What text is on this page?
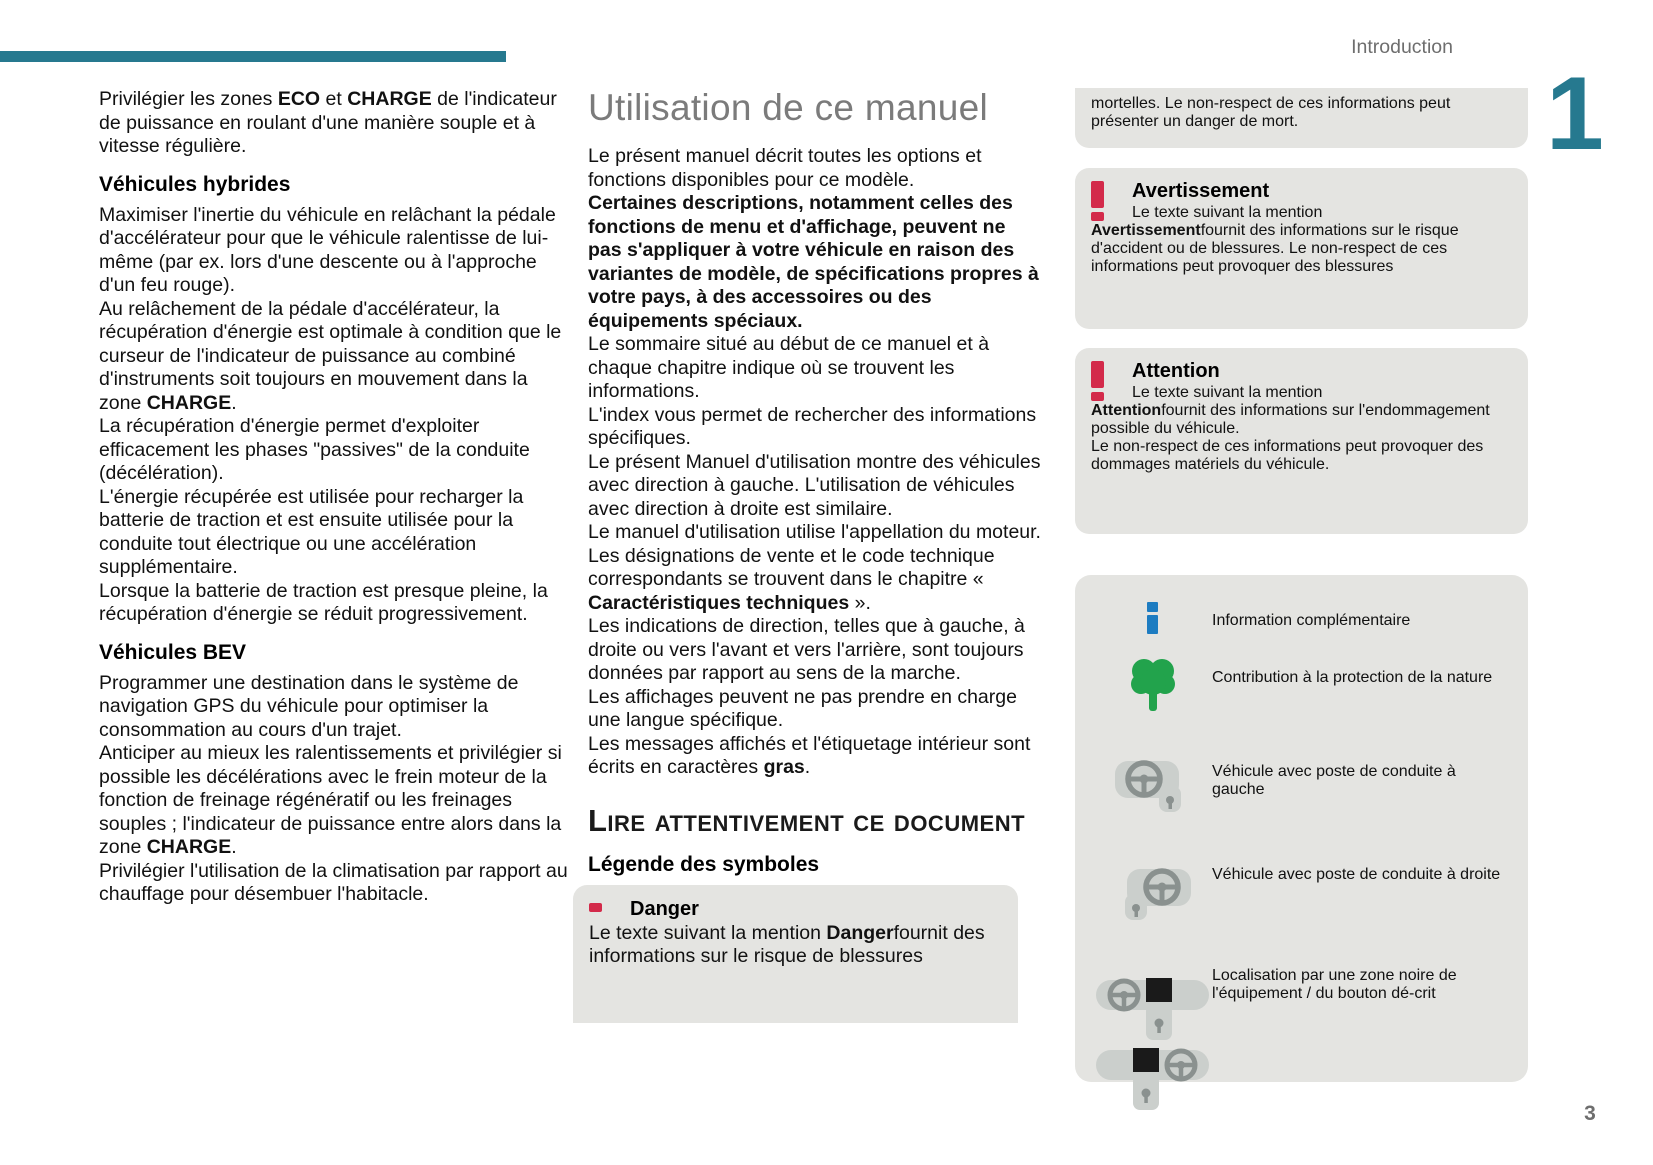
Introduction
1
3

Privilégier les zones ECO et CHARGE de l'indicateur de puissance en roulant d'une manière souple et à vitesse régulière.

Véhicules hybrides

Maximiser l'inertie du véhicule en relâchant la pédale d'accélérateur pour que le véhicule ralentisse de lui-même (par ex. lors d'une descente ou à l'approche d'un feu rouge).
Au relâchement de la pédale d'accélérateur, la récupération d'énergie est optimale à condition que le curseur de l'indicateur de puissance au combiné d'instruments soit toujours en mouvement dans la zone CHARGE.
La récupération d'énergie permet d'exploiter efficacement les phases "passives" de la conduite (décélération).
L'énergie récupérée est utilisée pour recharger la batterie de traction et est ensuite utilisée pour la conduite tout électrique ou une accélération supplémentaire.
Lorsque la batterie de traction est presque pleine, la récupération d'énergie se réduit progressivement.

Véhicules BEV

Programmer une destination dans le système de navigation GPS du véhicule pour optimiser la consommation au cours d'un trajet.
Anticiper au mieux les ralentissements et privilégier si possible les décélérations avec le frein moteur de la fonction de freinage régénératif ou les freinages souples ; l'indicateur de puissance entre alors dans la zone CHARGE.
Privilégier l'utilisation de la climatisation par rapport au chauffage pour désembuer l'habitacle.

Utilisation de ce manuel

Le présent manuel décrit toutes les options et fonctions disponibles pour ce modèle.
Certaines descriptions, notamment celles des fonctions de menu et d'affichage, peuvent ne pas s'appliquer à votre véhicule en raison des variantes de modèle, de spécifications propres à votre pays, à des accessoires ou des équipements spéciaux.
Le sommaire situé au début de ce manuel et à chaque chapitre indique où se trouvent les informations.
L'index vous permet de rechercher des informations spécifiques.
Le présent Manuel d'utilisation montre des véhicules avec direction à gauche. L'utilisation de véhicules avec direction à droite est similaire.
Le manuel d'utilisation utilise l'appellation du moteur. Les désignations de vente et le code technique correspondants se trouvent dans le chapitre « Caractéristiques techniques ».
Les indications de direction, telles que à gauche, à droite ou vers l'avant et vers l'arrière, sont toujours données par rapport au sens de la marche.
Les affichages peuvent ne pas prendre en charge une langue spécifique.
Les messages affichés et l'étiquetage intérieur sont écrits en caractères gras.

Lire attentivement ce document
Légende des symboles
Danger
Le texte suivant la mention Dangerfournit des informations sur le risque de blessures
mortelles. Le non-respect de ces informations peut présenter un danger de mort.
Avertissement
Le texte suivant la mention
Avertissementfournit des informations sur le risque d'accident ou de blessures. Le non-respect de ces informations peut provoquer des blessures
Attention
Le texte suivant la mention
Attentionfournit des informations sur l'endommagement possible du véhicule.
Le non-respect de ces informations peut provoquer des dommages matériels du véhicule.
Information complémentaire
Contribution à la protection de la nature
Véhicule avec poste de conduite à gauche
Véhicule avec poste de conduite à droite
Localisation par une zone noire de l'équipement / du bouton dé-crit
